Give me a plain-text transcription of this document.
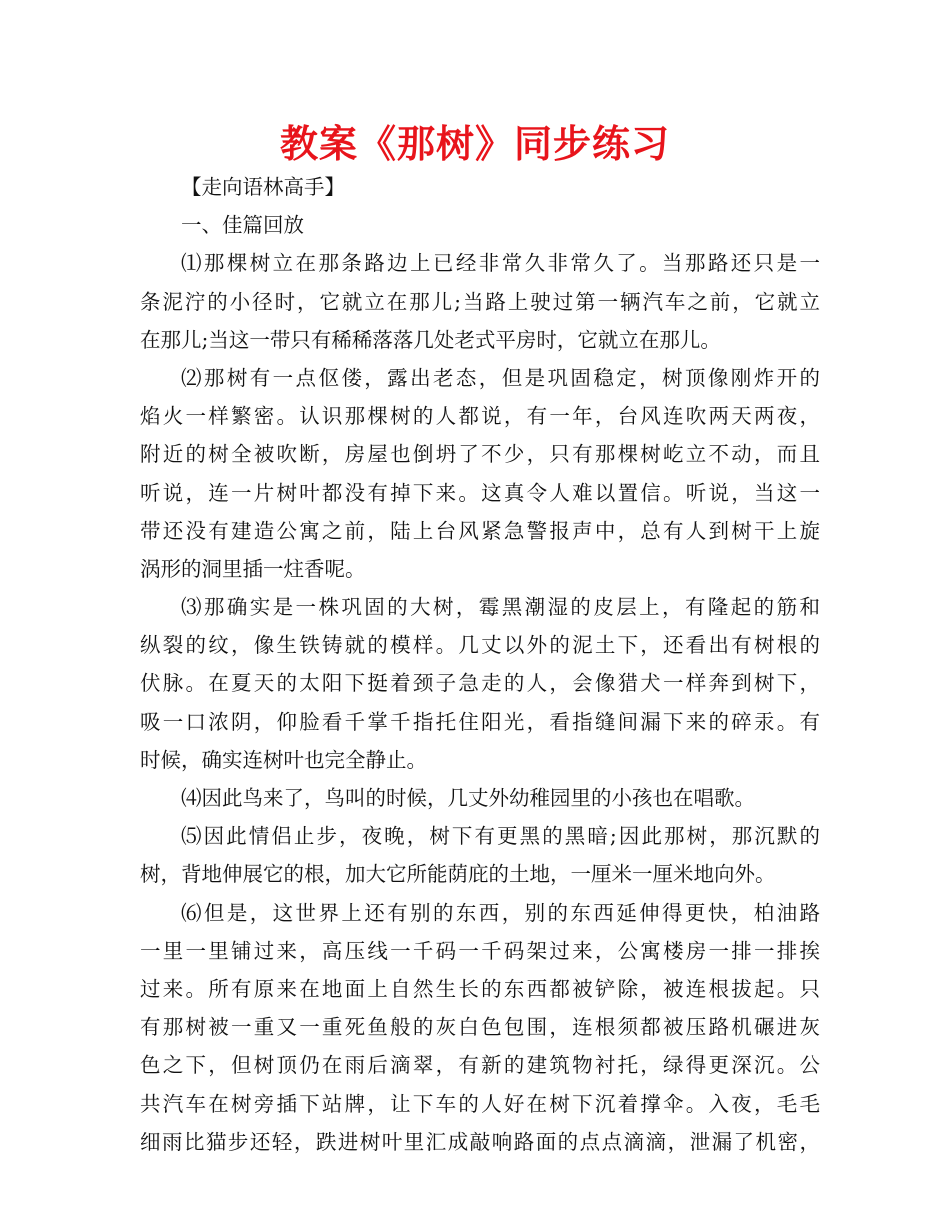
教案《那树》同步练习

【走向语林高手】

一、佳篇回放

⑴那棵树立在那条路边上已经非常久非常久了。当那路还只是一

条泥泞的小径时，它就立在那儿;当路上驶过第一辆汽车之前，它就立

在那儿;当这一带只有稀稀落落几处老式平房时，它就立在那儿。

⑵那树有一点伛偻，露出老态，但是巩固稳定，树顶像刚炸开的

焰火一样繁密。认识那棵树的人都说，有一年，台风连吹两天两夜，

附近的树全被吹断，房屋也倒坍了不少，只有那棵树屹立不动，而且

听说，连一片树叶都没有掉下来。这真令人难以置信。听说，当这一

带还没有建造公寓之前，陆上台风紧急警报声中，总有人到树干上旋

涡形的洞里插一炷香呢。

⑶那确实是一株巩固的大树，霉黑潮湿的皮层上，有隆起的筋和

纵裂的纹，像生铁铸就的模样。几丈以外的泥土下，还看出有树根的

伏脉。在夏天的太阳下挺着颈子急走的人，会像猎犬一样奔到树下，

吸一口浓阴，仰脸看千掌千指托住阳光，看指缝间漏下来的碎汞。有

时候，确实连树叶也完全静止。

⑷因此鸟来了，鸟叫的时候，几丈外幼稚园里的小孩也在唱歌。

⑸因此情侣止步，夜晚，树下有更黑的黑暗;因此那树，那沉默的

树，背地伸展它的根，加大它所能荫庇的土地，一厘米一厘米地向外。

⑹但是，这世界上还有别的东西，别的东西延伸得更快，柏油路

一里一里铺过来，高压线一千码一千码架过来，公寓楼房一排一排挨

过来。所有原来在地面上自然生长的东西都被铲除，被连根拔起。只

有那树被一重又一重死鱼般的灰白色包围，连根须都被压路机碾进灰

色之下，但树顶仍在雨后滴翠，有新的建筑物衬托，绿得更深沉。公

共汽车在树旁插下站牌，让下车的人好在树下沉着撑伞。入夜，毛毛

细雨比猫步还轻，跌进树叶里汇成敲响路面的点点滴滴，泄漏了机密，
